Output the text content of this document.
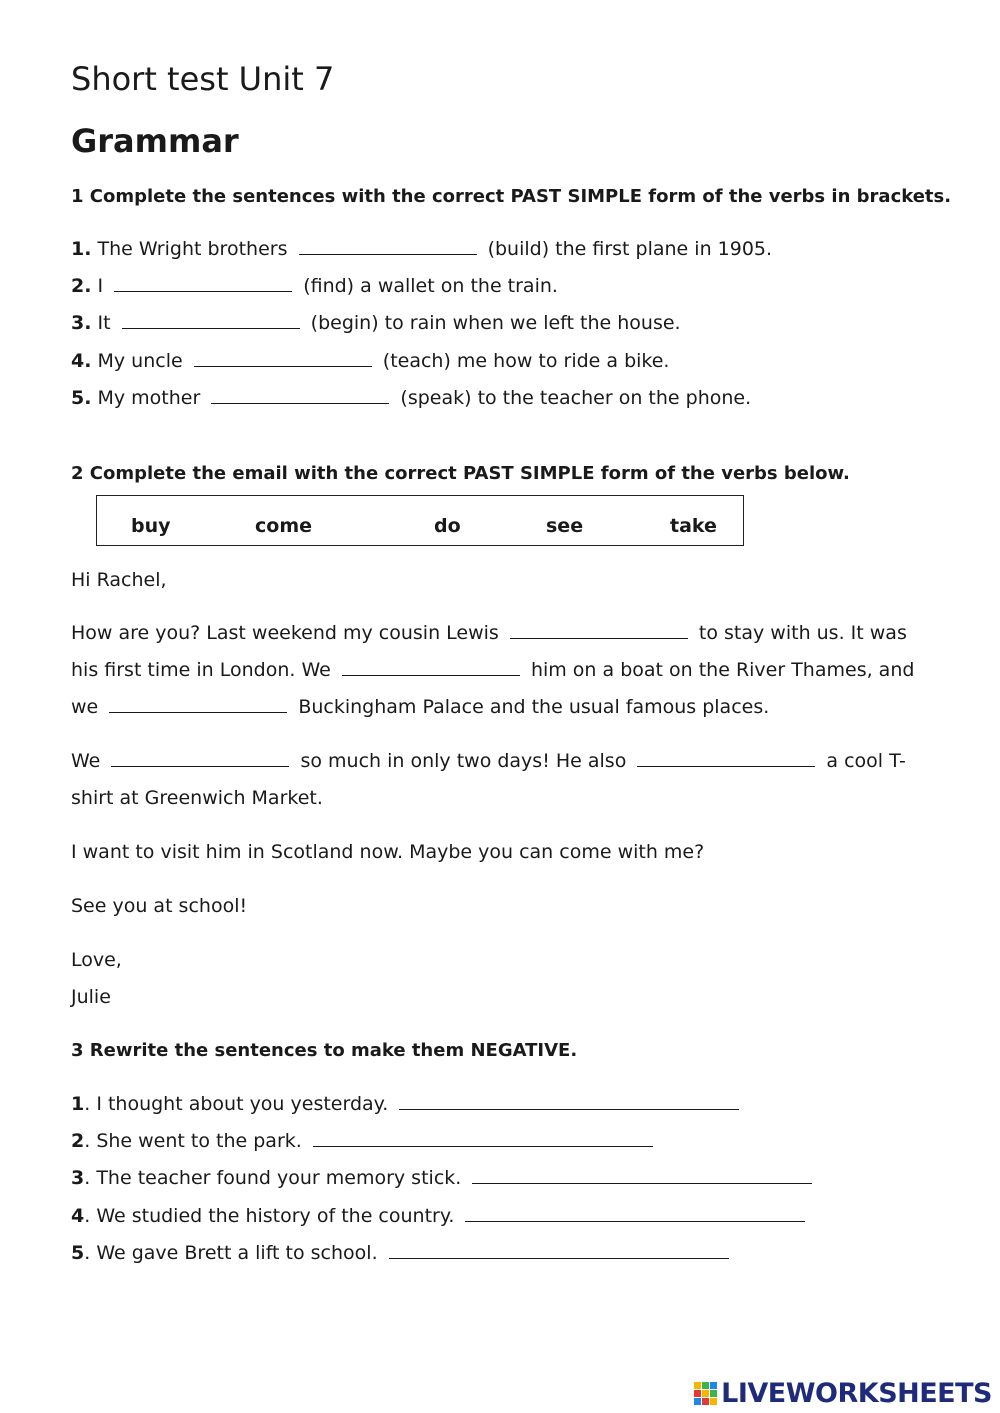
Short test Unit 7
Grammar
1 Complete the sentences with the correct PAST SIMPLE form of the verbs in brackets.
1. The Wright brothers	(build) the first plane in 1905.
2. I	(find) a wallet on the train.
3. It	(begin) to rain when we left the house.
4. My uncle	(teach) me how to ride a bike.
5. My mother	(speak) to the teacher on the phone.
2 Complete the email with the correct PAST SIMPLE form of the verbs below.
buy	come	do	see	take
Hi Rachel,
How are you? Last weekend my cousin Lewis	to stay with us. It was
his first time in London. We	him on a boat on the River Thames, and
we	Buckingham Palace and the usual famous places.
We	so much in only two days! He also	a cool T-
shirt at Greenwich Market.
I want to visit him in Scotland now. Maybe you can come with me?
See you at school!
Love,
Julie
3 Rewrite the sentences to make them NEGATIVE.
1. I thought about you yesterday.
2. She went to the park.
3. The teacher found your memory stick.
4. We studied the history of the country.
5. We gave Brett a lift to school.
LIVEWORKSHEETS
